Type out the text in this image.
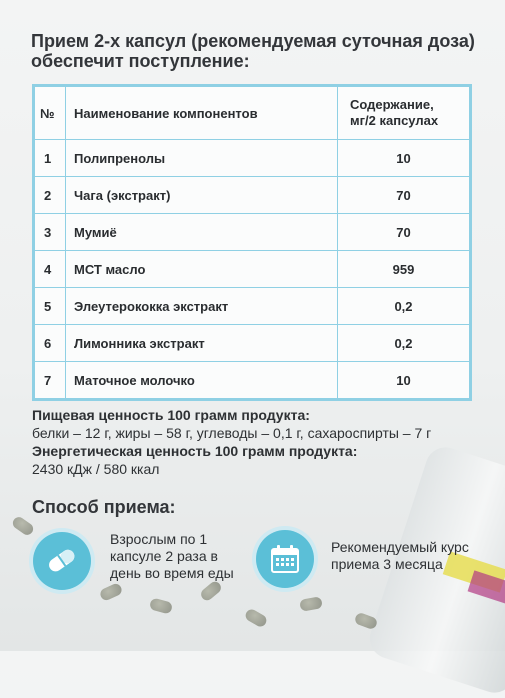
Прием 2-х капсул (рекомендуемая суточная доза) обеспечит поступление:
№	Наименование компонентов	Содержание, мг/2 капсулах
1	Полипренолы	10
2	Чага (экстракт)	70
3	Мумиё	70
4	МСТ масло	959
5	Элеутерококка экстракт	0,2
6	Лимонника экстракт	0,2
7	Маточное молочко	10
Пищевая ценность 100 грамм продукта:
белки – 12 г, жиры – 58 г, углеводы – 0,1 г, сахароспирты – 7 г
Энергетическая ценность 100 грамм продукта:
2430 кДж / 580 ккал
Способ приема:
Взрослым по 1 капсуле 2 раза в день во время еды
Рекомендуемый курс приема 3 месяца
